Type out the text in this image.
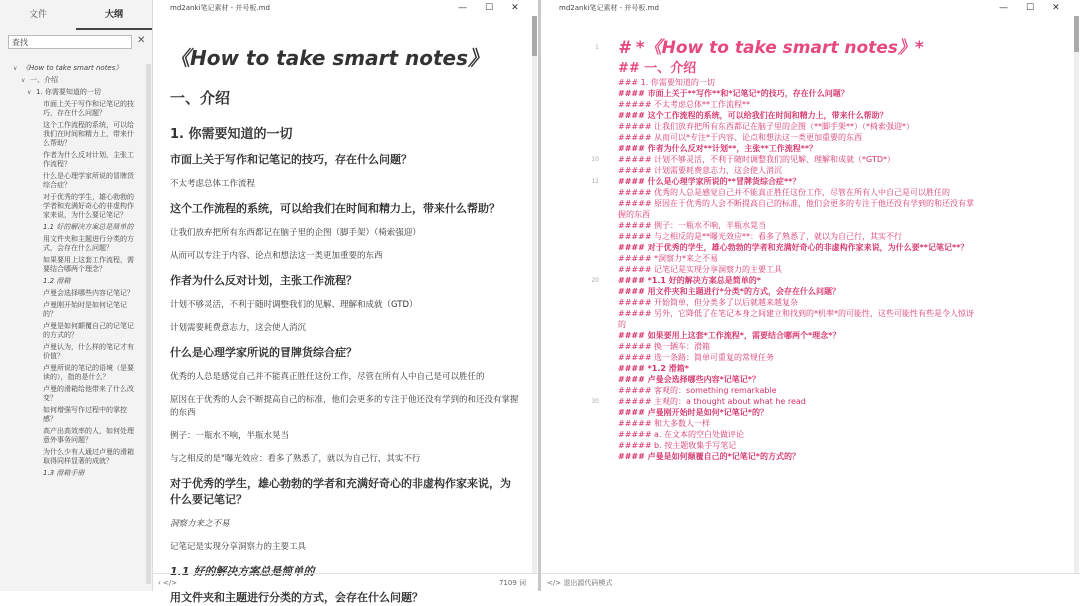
文件	大纲
查找	✕
∨ 《How to take smart notes》
∨ 一、介绍
∨ 1. 你需要知道的一切
市面上关于写作和记笔记的技巧，存在什么问题？
这个工作流程的系统，可以给我们在时间和精力上，带来什么帮助？
作者为什么反对计划，主张工作流程？
什么是心理学家所说的冒牌货综合症？
对于优秀的学生，雄心勃勃的学者和充满好奇心的非虚构作家来说，为什么要记笔记？
1.1 好的解决方案总是简单的
用文件夹和主题进行分类的方式，会存在什么问题？
如果要用上这套工作流程，需要结合哪两个理念？
1.2 滑箱
卢曼会选择哪些内容记笔记？
卢曼刚开始时是如何记笔记的？
卢曼是如何颠覆自己的记笔记的方式的？
卢曼认为，什么样的笔记才有价值？
卢曼所说的笔记的语境（是要读的），指的是什么？
卢曼的滑箱给他带来了什么改变？
如何增强写作过程中的掌控感？
高产出高效率的人，如何处理意外事务问题？
为什么少有人通过卢曼的滑箱取得同样显著的成就？
1.3 滑箱手册
md2anki笔记素材 - 并号板.md	— ☐ ✕
《How to take smart notes》
一、介绍
1. 你需要知道的一切
市面上关于写作和记笔记的技巧，存在什么问题？
不太考虑总体工作流程
这个工作流程的系统，可以给我们在时间和精力上，带来什么帮助？
让我们放弃把所有东西都记在脑子里的企图（脚手架）（椅索强迎）
从而可以专注于内容、论点和想法这一类更加重要的东西
作者为什么反对计划，主张工作流程？
计划不够灵活，不利于随时调整我们的见解、理解和成就（GTD）
计划需要耗费意志力，这会使人消沉
什么是心理学家所说的冒牌货综合症？
优秀的人总是感觉自己并不能真正胜任这份工作，尽管在所有人中自己是可以胜任的
原因在于优秀的人会不断提高自己的标准，他们会更多的专注于他还没有学到的和还没有掌握的东西
例子：一瓶水不响，半瓶水晃当
与之相反的是"曝光效应：看多了熟悉了，就以为自己行，其实不行
对于优秀的学生，雄心勃勃的学者和充满好奇心的非虚构作家来说，为什么要记笔记？
洞察力来之不易
记笔记是实现分享洞察力的主要工具
1.1 好的解决方案总是简单的
用文件夹和主题进行分类的方式，会存在什么问题？
‹ </>	7109 词
md2anki笔记素材 - 并号板.md	— ☐ ✕
1 # *《How to take smart notes》*
## 一、介绍
### 1. 你需要知道的一切
#### 市面上关于**写作**和*记笔记*的技巧，存在什么问题？
##### 不太考虑总体**工作流程**
#### 这个工作流程的系统，可以给我们在时间和精力上，带来什么帮助？
##### 让我们放弃把所有东西都记在脑子里的企图（**脚手架**）（*椅索强迎*）
##### 从而可以*专注*于内容、论点和想法这一类更加重要的东西
#### 作者为什么反对**计划**，主张**工作流程**？
10 ##### 计划不够灵活，不利于随时调整我们的见解、理解和成就（*GTD*）
##### 计划需要耗费意志力，这会使人消沉
12 #### 什么是心理学家所说的**冒牌货综合症**？
##### 优秀的人总是感觉自己并不能真正胜任这份工作，尽管在所有人中自己是可以胜任的
##### 原因在于优秀的人会不断提高自己的标准，他们会更多的专注于他还没有学到的和还没有掌
握的东西
##### 例子：一瓶水不响，半瓶水晃当
##### 与之相反的是**曝光效应**：看多了熟悉了，就以为自己行，其实不行
#### 对于优秀的学生，雄心勃勃的学者和充满好奇心的非虚构作家来说，为什么要**记笔记**？
##### *洞察力*来之不易
##### 记笔记是实现分享洞察力的主要工具
20 #### *1.1 好的解决方案总是简单的*
#### 用文件夹和主题进行*分类*的方式，会存在什么问题？
##### 开始简单，但分类多了以后就越来越复杂
##### 另外，它降低了在笔记本身之间建立和找到的*机率*的可能性，这些可能性有些是令人惊讶
的
#### 如果要用上这套*工作流程*，需要结合哪两个*理念*？
##### 换一辆车：滑箱
##### 选一条路：简单可重复的常规任务
#### *1.2 滑箱*
#### 卢曼会选择哪些内容*记笔记*？
##### 客观的：something remarkable
30 ##### 主观的：a thought about what he read
#### 卢曼刚开始时是如何*记笔记*的？
##### 和大多数人一样
##### a. 在文本的空白处做评论
##### b. 按主题收集手写笔记
#### 卢曼是如何颠覆自己的*记笔记*的方式的？
</> 退出源代码模式
